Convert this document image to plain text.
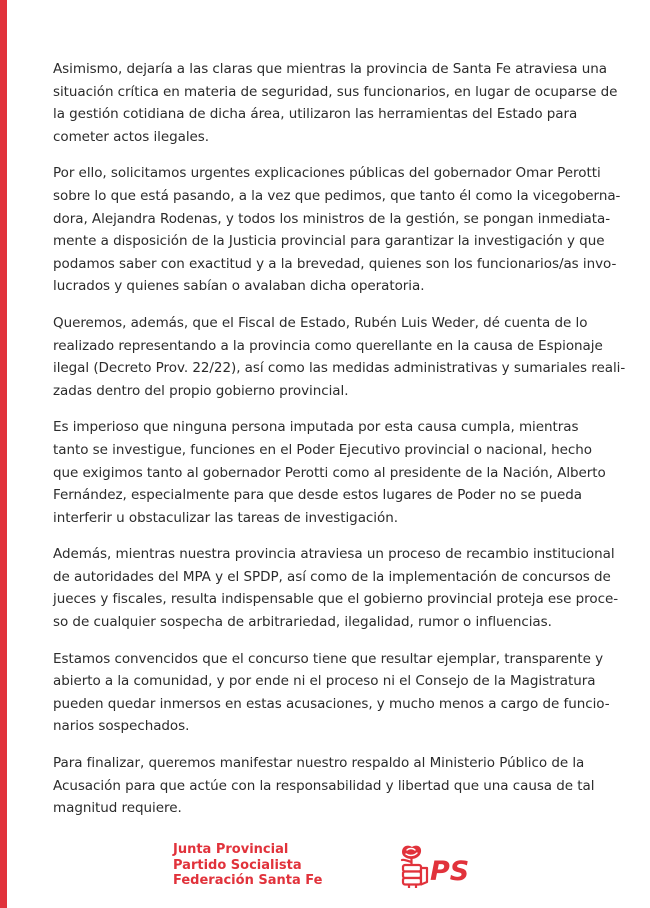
Asimismo, dejaría a las claras que mientras la provincia de Santa Fe atraviesa una
situación crítica en materia de seguridad, sus funcionarios, en lugar de ocuparse de
la gestión cotidiana de dicha área, utilizaron las herramientas del Estado para
cometer actos ilegales.

Por ello, solicitamos urgentes explicaciones públicas del gobernador Omar Perotti
sobre lo que está pasando, a la vez que pedimos, que tanto él como la vicegoberna-
dora, Alejandra Rodenas, y todos los ministros de la gestión, se pongan inmediata-
mente a disposición de la Justicia provincial para garantizar la investigación y que
podamos saber con exactitud y a la brevedad, quienes son los funcionarios/as invo-
lucrados y quienes sabían o avalaban dicha operatoria.

Queremos, además, que el Fiscal de Estado, Rubén Luis Weder, dé cuenta de lo
realizado representando a la provincia como querellante en la causa de Espionaje
ilegal (Decreto Prov. 22/22), así como las medidas administrativas y sumariales reali-
zadas dentro del propio gobierno provincial.

Es imperioso que ninguna persona imputada por esta causa cumpla, mientras
tanto se investigue, funciones en el Poder Ejecutivo provincial o nacional, hecho
que exigimos tanto al gobernador Perotti como al presidente de la Nación, Alberto
Fernández, especialmente para que desde estos lugares de Poder no se pueda
interferir u obstaculizar las tareas de investigación.

Además, mientras nuestra provincia atraviesa un proceso de recambio institucional
de autoridades del MPA y el SPDP, así como de la implementación de concursos de
jueces y fiscales, resulta indispensable que el gobierno provincial proteja ese proce-
so de cualquier sospecha de arbitrariedad, ilegalidad, rumor o influencias.

Estamos convencidos que el concurso tiene que resultar ejemplar, transparente y
abierto a la comunidad, y por ende ni el proceso ni el Consejo de la Magistratura
pueden quedar inmersos en estas acusaciones, y mucho menos a cargo de funcio-
narios sospechados.

Para finalizar, queremos manifestar nuestro respaldo al Ministerio Público de la
Acusación para que actúe con la responsabilidad y libertad que una causa de tal
magnitud requiere.

Junta Provincial
Partido Socialista
Federación Santa Fe	PS
